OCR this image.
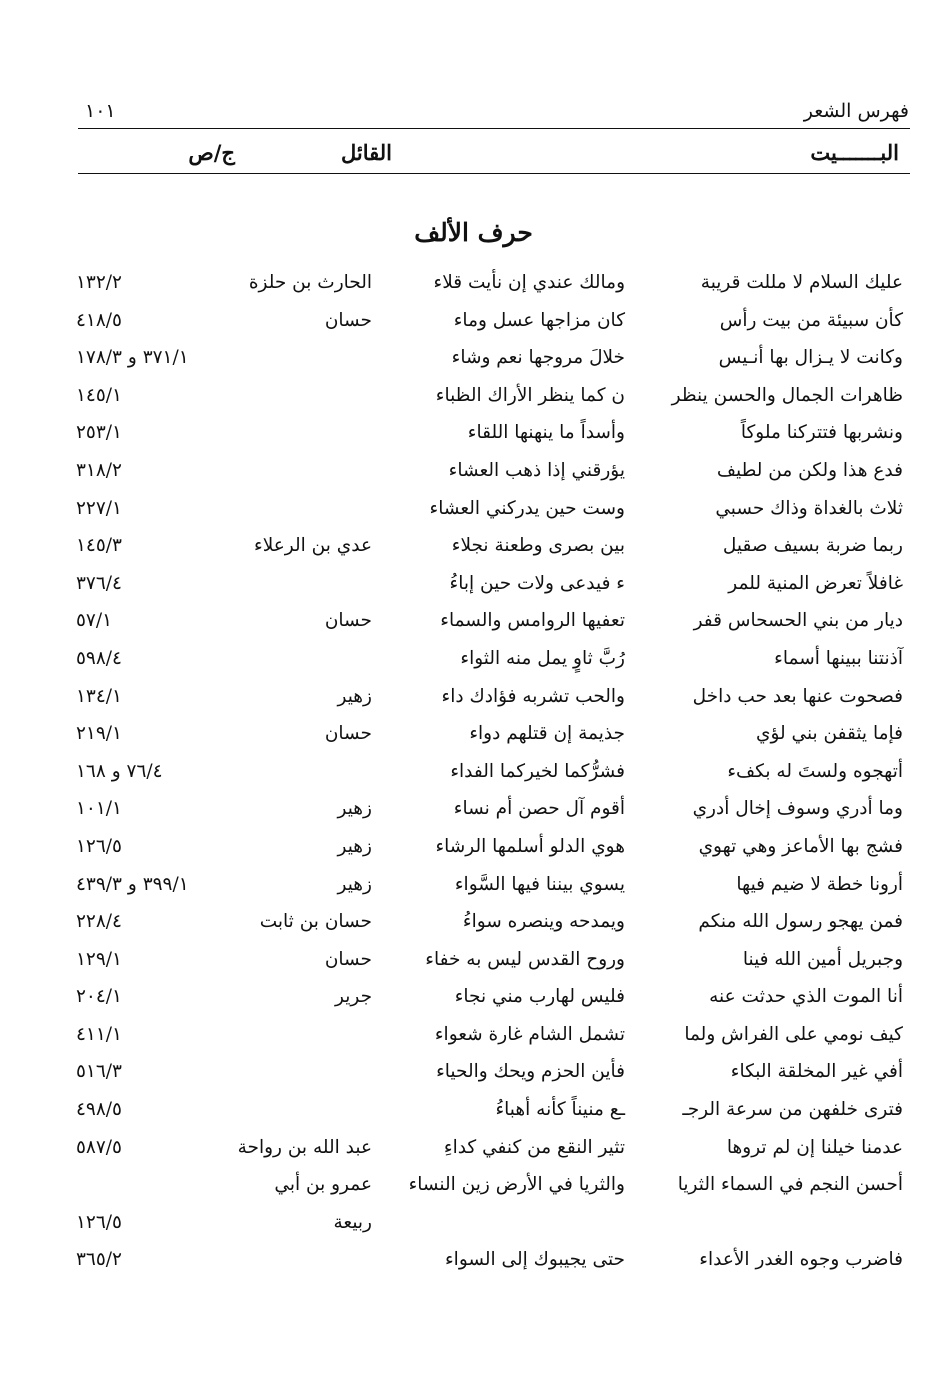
فهرس الشعر
١٠١
البـــــــيت
القائل
ج/ص
حرف الألف
عليك السلام لا مللت قريبة
ومالك عندي إن نأيت قلاء
الحارث بن حلزة
١٣٢/٢
كأن سبيئة من بيت رأس
كان مزاجها عسل وماء
حسان
٤١٨/٥
وكانت لا يـزال بها أنـيس
خلالَ مروجها نعم وشاء
٣٧١/١ و ١٧٨/٣
ظاهرات الجمال والحسن ينظر
ن كما ينظر الأراك الظباء
١٤٥/١
ونشربها فتتركنا ملوكاً
وأسداً ما ينهنها اللقاء
٢٥٣/١
فدع هذا ولكن من لطيف
يؤرقني إذا ذهب العشاء
٣١٨/٢
ثلاث بالغداة وذاك حسبي
وست حين يدركني العشاء
٢٢٧/١
ربما ضربة بسيف صقيل
بين بصرى وطعنة نجلاء
عدي بن الرعلاء
١٤٥/٣
غافلاً تعرض المنية للمر
ء فيدعى ولات حين إباءُ
٣٧٦/٤
ديار من بني الحسحاس قفر
تعفيها الروامس والسماء
حسان
٥٧/١
آذنتنا ببينها أسماء
رُبَّ ثاوٍ يمل منه الثواء
٥٩٨/٤
فصحوت عنها بعد حب داخل
والحب تشربه فؤادك داء
زهير
١٣٤/١
فإما يثقفن بني لؤي
جذيمة إن قتلهم دواء
حسان
٢١٩/١
أتهجوه ولستَ له بكفء
فشرُّكما لخيركما الفداء
٧٦/٤ و ١٦٨
وما أدري وسوف إخال أدري
أقوم آل حصن أم نساء
زهير
١٠١/١
فشج بها الأماعز وهي تهوي
هوي الدلو أسلمها الرشاء
زهير
١٢٦/٥
أرونا خطة لا ضيم فيها
يسوي بيننا فيها السَّواء
زهير
٣٩٩/١ و ٤٣٩/٣
فمن يهجو رسول الله منكم
ويمدحه وينصره سواءُ
حسان بن ثابت
٢٢٨/٤
وجبريل أمين الله فينا
وروح القدس ليس به خفاء
حسان
١٢٩/١
أنا الموت الذي حدثت عنه
فليس لهارب مني نجاء
جرير
٢٠٤/١
كيف نومي على الفراش ولما
تشمل الشام غارة شعواء
٤١١/١
أفي غير المخلقة البكاء
فأين الحزم ويحك والحياء
٥١٦/٣
فترى خلفهن من سرعة الرجـ
ـع منيناً كأنه أهباءُ
٤٩٨/٥
عدمنا خيلنا إن لم تروها
تثير النقع من كنفي كداءِ
عبد الله بن رواحة
٥٨٧/٥
أحسن النجم في السماء الثريا
والثريا في الأرض زين النساء
عمرو بن أبي
ربيعة
١٢٦/٥
فاضرب وجوه الغدر الأعداء
حتى يجيبوك إلى السواء
٣٦٥/٢
